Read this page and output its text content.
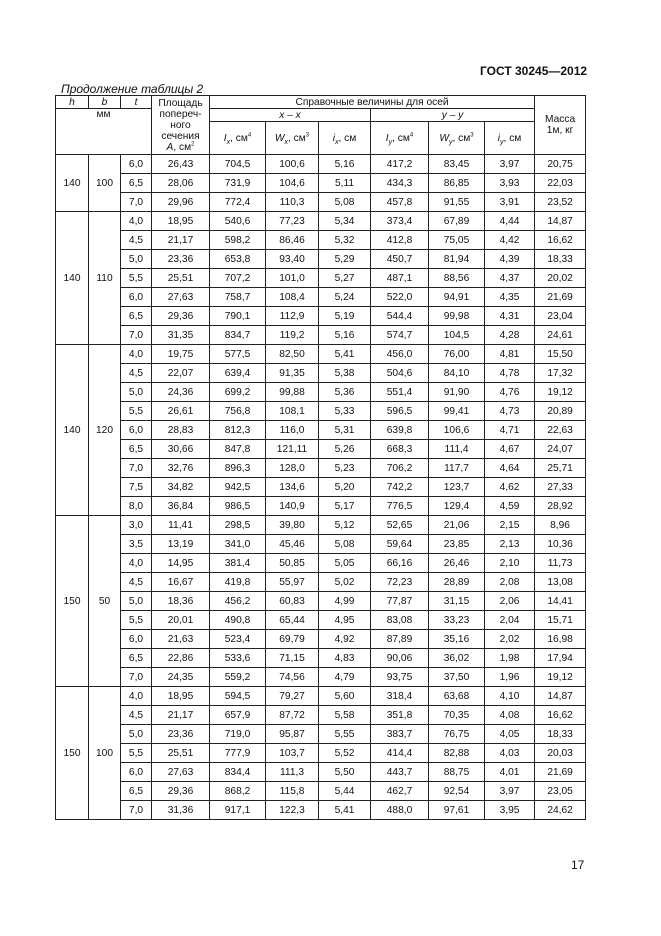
ГОСТ 30245—2012
Продолжение таблицы 2
h	b	t	Площадь
попереч-
ного
сечения
A, $см^2$	Справочные величины для осей						Масса
1м, кг
мм				x – x			y – y			
				$I_x$, $см^4$	$W_x$, $см^3$	$i_x$, см	$I_y$, $см^4$	$W_y$, $см^3$	$i_y$, см	
140	100	6,0	26,43	704,5	100,6	5,16	417,2	83,45	3,97	20,75
		6,5	28,06	731,9	104,6	5,11	434,3	86,85	3,93	22,03
		7,0	29,96	772,4	110,3	5,08	457,8	91,55	3,91	23,52
140	110	4,0	18,95	540,6	77,23	5,34	373,4	67,89	4,44	14,87
		4,5	21,17	598,2	86,46	5,32	412,8	75,05	4,42	16,62
		5,0	23,36	653,8	93,40	5,29	450,7	81,94	4,39	18,33
		5,5	25,51	707,2	101,0	5,27	487,1	88,56	4,37	20,02
		6,0	27,63	758,7	108,4	5,24	522,0	94,91	4,35	21,69
		6,5	29,36	790,1	112,9	5,19	544,4	99,98	4,31	23,04
		7,0	31,35	834,7	119,2	5,16	574,7	104,5	4,28	24,61
140	120	4,0	19,75	577,5	82,50	5,41	456,0	76,00	4,81	15,50
		4,5	22,07	639,4	91,35	5,38	504,6	84,10	4,78	17,32
		5,0	24,36	699,2	99,88	5,36	551,4	91,90	4,76	19,12
		5,5	26,61	756,8	108,1	5,33	596,5	99,41	4,73	20,89
		6,0	28,83	812,3	116,0	5,31	639,8	106,6	4,71	22,63
		6,5	30,66	847,8	121,11	5,26	668,3	111,4	4,67	24,07
		7,0	32,76	896,3	128,0	5,23	706,2	117,7	4,64	25,71
		7,5	34,82	942,5	134,6	5,20	742,2	123,7	4,62	27,33
		8,0	36,84	986,5	140,9	5,17	776,5	129,4	4,59	28,92
150	50	3,0	11,41	298,5	39,80	5,12	52,65	21,06	2,15	8,96
		3,5	13,19	341,0	45,46	5,08	59,64	23,85	2,13	10,36
		4,0	14,95	381,4	50,85	5,05	66,16	26,46	2,10	11,73
		4,5	16,67	419,8	55,97	5,02	72,23	28,89	2,08	13,08
		5,0	18,36	456,2	60,83	4,99	77,87	31,15	2,06	14,41
		5,5	20,01	490,8	65,44	4,95	83,08	33,23	2,04	15,71
		6,0	21,63	523,4	69,79	4,92	87,89	35,16	2,02	16,98
		6,5	22,86	533,6	71,15	4,83	90,06	36,02	1,98	17,94
		7,0	24,35	559,2	74,56	4,79	93,75	37,50	1,96	19,12
150	100	4,0	18,95	594,5	79,27	5,60	318,4	63,68	4,10	14,87
		4,5	21,17	657,9	87,72	5,58	351,8	70,35	4,08	16,62
		5,0	23,36	719,0	95,87	5,55	383,7	76,75	4,05	18,33
		5,5	25,51	777,9	103,7	5,52	414,4	82,88	4,03	20,03
		6,0	27,63	834,4	111,3	5,50	443,7	88,75	4,01	21,69
		6,5	29,36	868,2	115,8	5,44	462,7	92,54	3,97	23,05
		7,0	31,36	917,1	122,3	5,41	488,0	97,61	3,95	24,62
17
